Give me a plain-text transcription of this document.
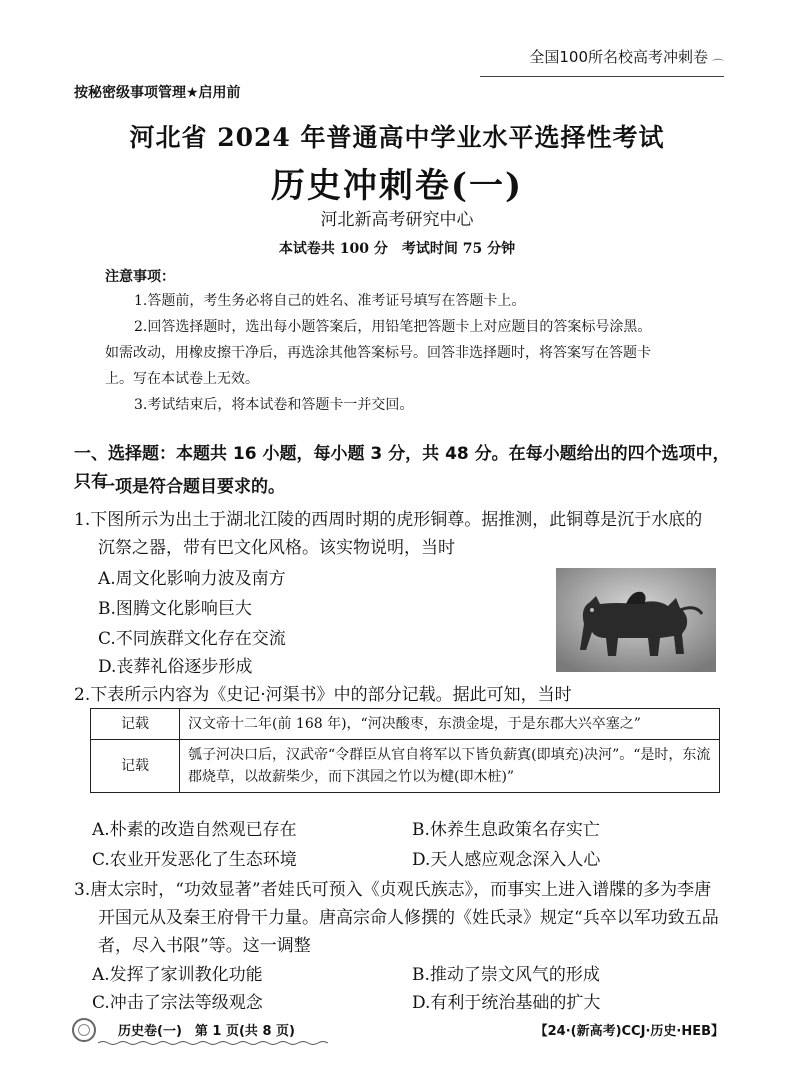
全国100所名校高考冲刺卷 ⌒
按秘密级事项管理★启用前
河北省 2024 年普通高中学业水平选择性考试
历史冲刺卷(一)
河北新高考研究中心
本试卷共 100 分　考试时间 75 分钟
注意事项：
1.答题前，考生务必将自己的姓名、准考证号填写在答题卡上。
2.回答选择题时，选出每小题答案后，用铅笔把答题卡上对应题目的答案标号涂黑。
如需改动，用橡皮擦干净后，再选涂其他答案标号。回答非选择题时，将答案写在答题卡
上。写在本试卷上无效。
3.考试结束后，将本试卷和答题卡一并交回。
一、选择题：本题共 16 小题，每小题 3 分，共 48 分。在每小题给出的四个选项中，只有
一项是符合题目要求的。
1.下图所示为出土于湖北江陵的西周时期的虎形铜尊。据推测，此铜尊是沉于水底的
沉祭之器，带有巴文化风格。该实物说明，当时
A.周文化影响力波及南方
B.图腾文化影响巨大
C.不同族群文化存在交流
D.丧葬礼俗逐步形成
2.下表所示内容为《史记·河渠书》中的部分记载。据此可知，当时
记载	汉文帝十二年(前 168 年)，“河决酸枣，东溃金堤，于是东郡大兴卒塞之”
记载	瓠子河决口后，汉武帝“令群臣从官自将军以下皆负薪寘(即填充)决河”。“是时，东流郡烧草，以故薪柴少，而下淇园之竹以为楗(即木桩)”
A.朴素的改造自然观已存在	B.休养生息政策名存实亡
C.农业开发恶化了生态环境	D.天人感应观念深入人心
3.唐太宗时，“功效显著”者娃氏可预入《贞观氏族志》，而事实上进入谱牒的多为李唐
开国元从及秦王府骨干力量。唐高宗命人修撰的《姓氏录》规定“兵卒以军功致五品
者，尽入书限”等。这一调整
A.发挥了家训教化功能	B.推动了崇文风气的形成
C.冲击了宗法等级观念	D.有利于统治基础的扩大
历史卷(一)　第 1 页(共 8 页)	【24·(新高考)CCJ·历史·HEB】
